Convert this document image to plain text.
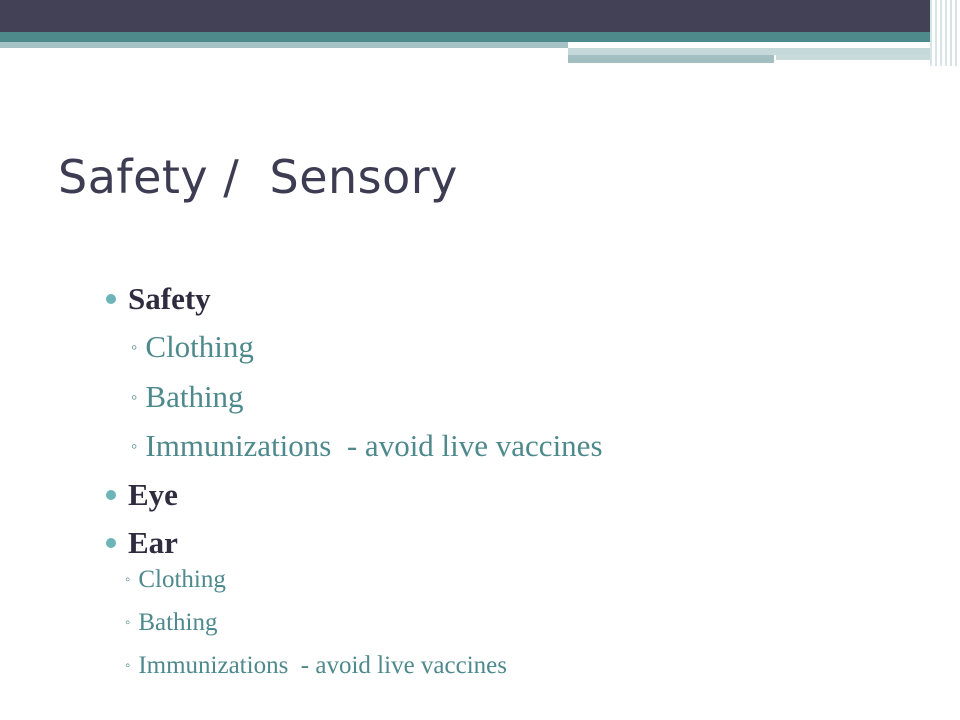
Safety /  Sensory

Safety

◦ Clothing

◦ Bathing

◦ Immunizations  - avoid live vaccines

Eye

Ear

◦ Clothing

◦ Bathing

◦ Immunizations  - avoid live vaccines
